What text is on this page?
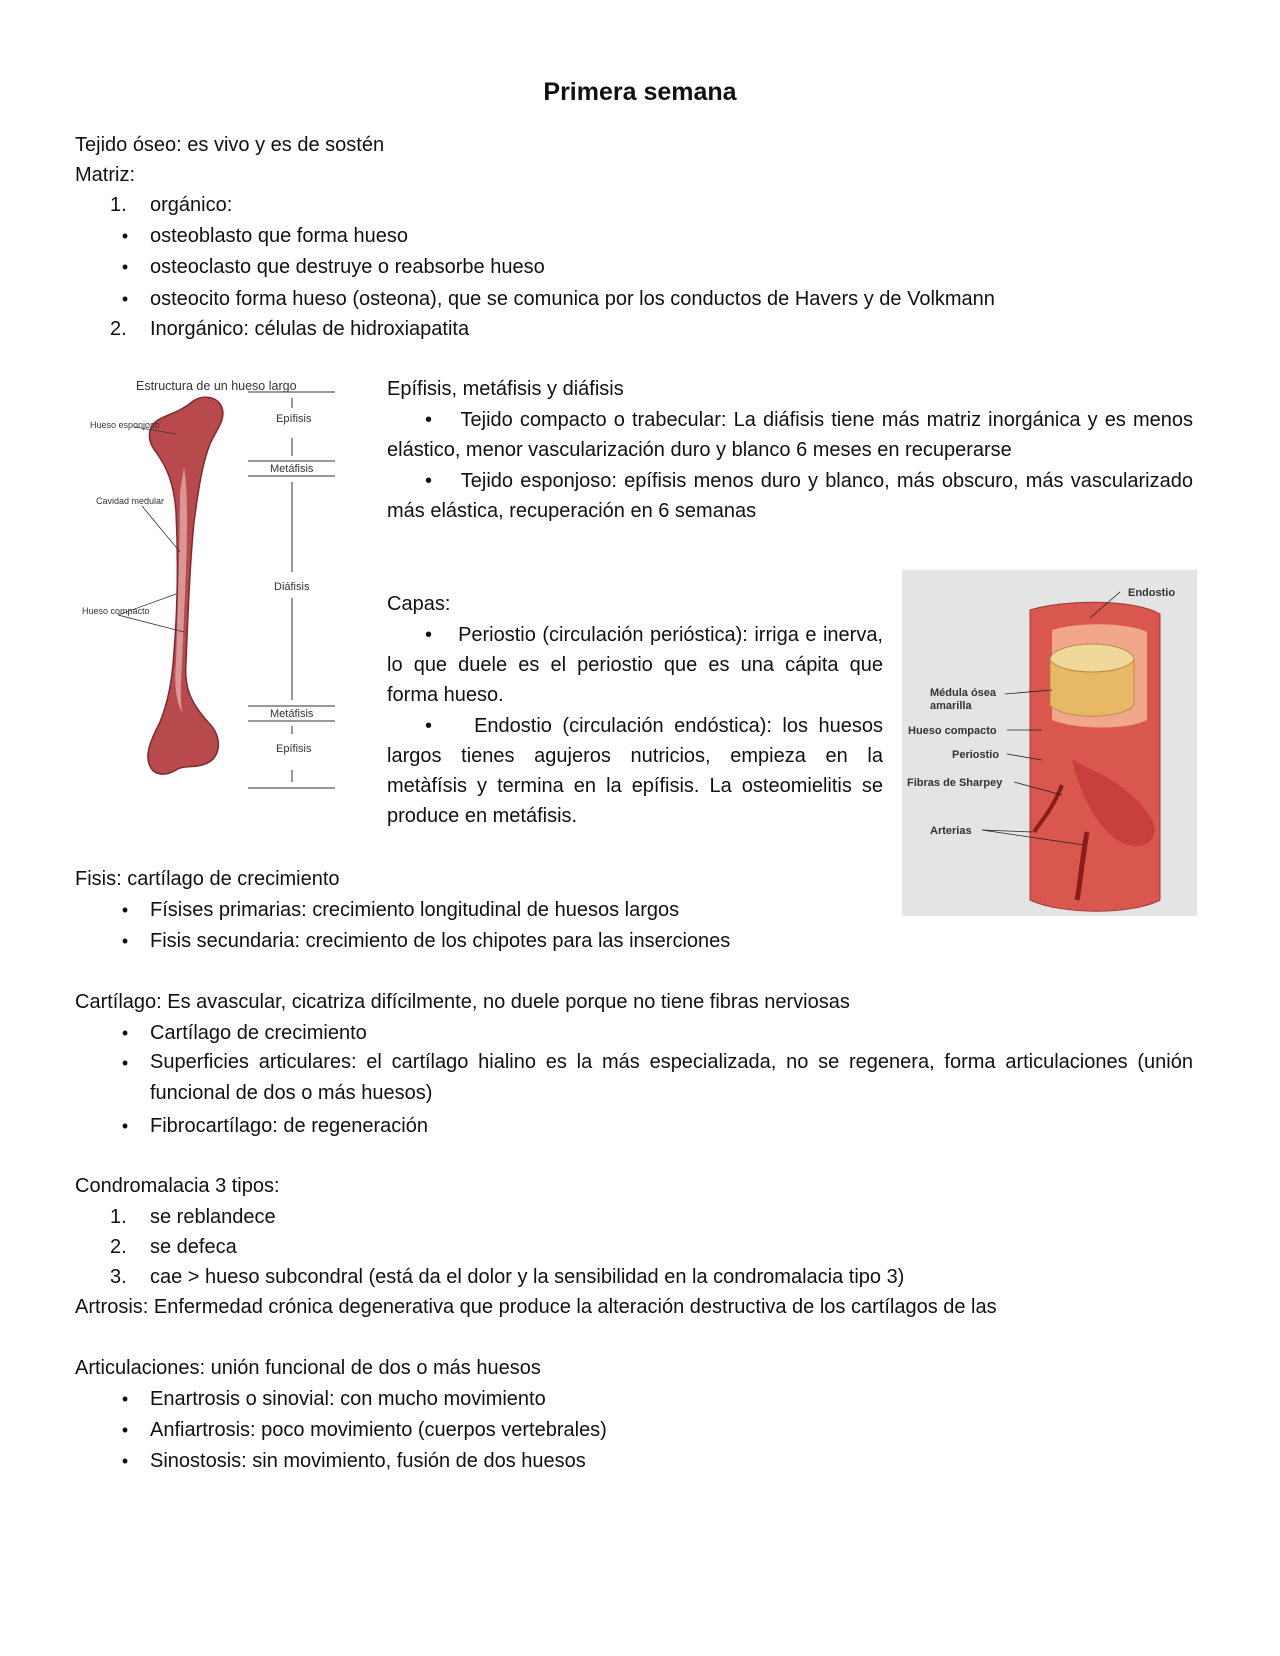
Primera semana
Tejido óseo: es vivo y es de sostén
Matriz:
1.	orgánico:
•	osteoblasto que forma hueso
•	osteoclasto que destruye o reabsorbe hueso
•	osteocito forma hueso (osteona), que se comunica por los conductos de Havers y de Volkmann
2.	Inorgánico: células de hidroxiapatita
Estructura de un hueso largo
Hueso esponjoso
Cavidad medular
Hueso compacto
Epífisis
Metáfisis
Diáfisis
Metáfisis
Epífisis
Epífisis, metáfisis y diáfisis
• Tejido compacto o trabecular: La diáfisis tiene más matriz inorgánica y es menos elástico, menor vascularización duro y blanco 6 meses en recuperarse
• Tejido esponjoso: epífisis menos duro y blanco, más obscuro, más vascularizado más elástica, recuperación en 6 semanas
Capas:
• Periostio (circulación perióstica): irriga e inerva, lo que duele es el periostio que es una cápita que forma hueso.
• Endostio (circulación endóstica): los huesos largos tienes agujeros nutricios, empieza en la metàfísis y termina en la epífisis. La osteomielitis se produce en metáfisis.
Endostio
Médula ósea
amarilla
Hueso compacto
Periostio
Fibras de Sharpey
Arterias
Fisis: cartílago de crecimiento
•	Físises primarias: crecimiento longitudinal de huesos largos
•	Fisis secundaria: crecimiento de los chipotes para las inserciones
Cartílago: Es avascular, cicatriza difícilmente, no duele porque no tiene fibras nerviosas
•	Cartílago de crecimiento
•	Superficies articulares: el cartílago hialino es la más especializada, no se regenera, forma articulaciones (unión funcional de dos o más huesos)
•	Fibrocartílago: de regeneración
Condromalacia 3 tipos:
1.	se reblandece
2.	se defeca
3.	cae > hueso subcondral (está da el dolor y la sensibilidad en la condromalacia tipo 3)
Artrosis: Enfermedad crónica degenerativa que produce la alteración destructiva de los cartílagos de las
Articulaciones: unión funcional de dos o más huesos
•	Enartrosis o sinovial: con mucho movimiento
•	Anfiartrosis: poco movimiento (cuerpos vertebrales)
•	Sinostosis: sin movimiento, fusión de dos huesos
